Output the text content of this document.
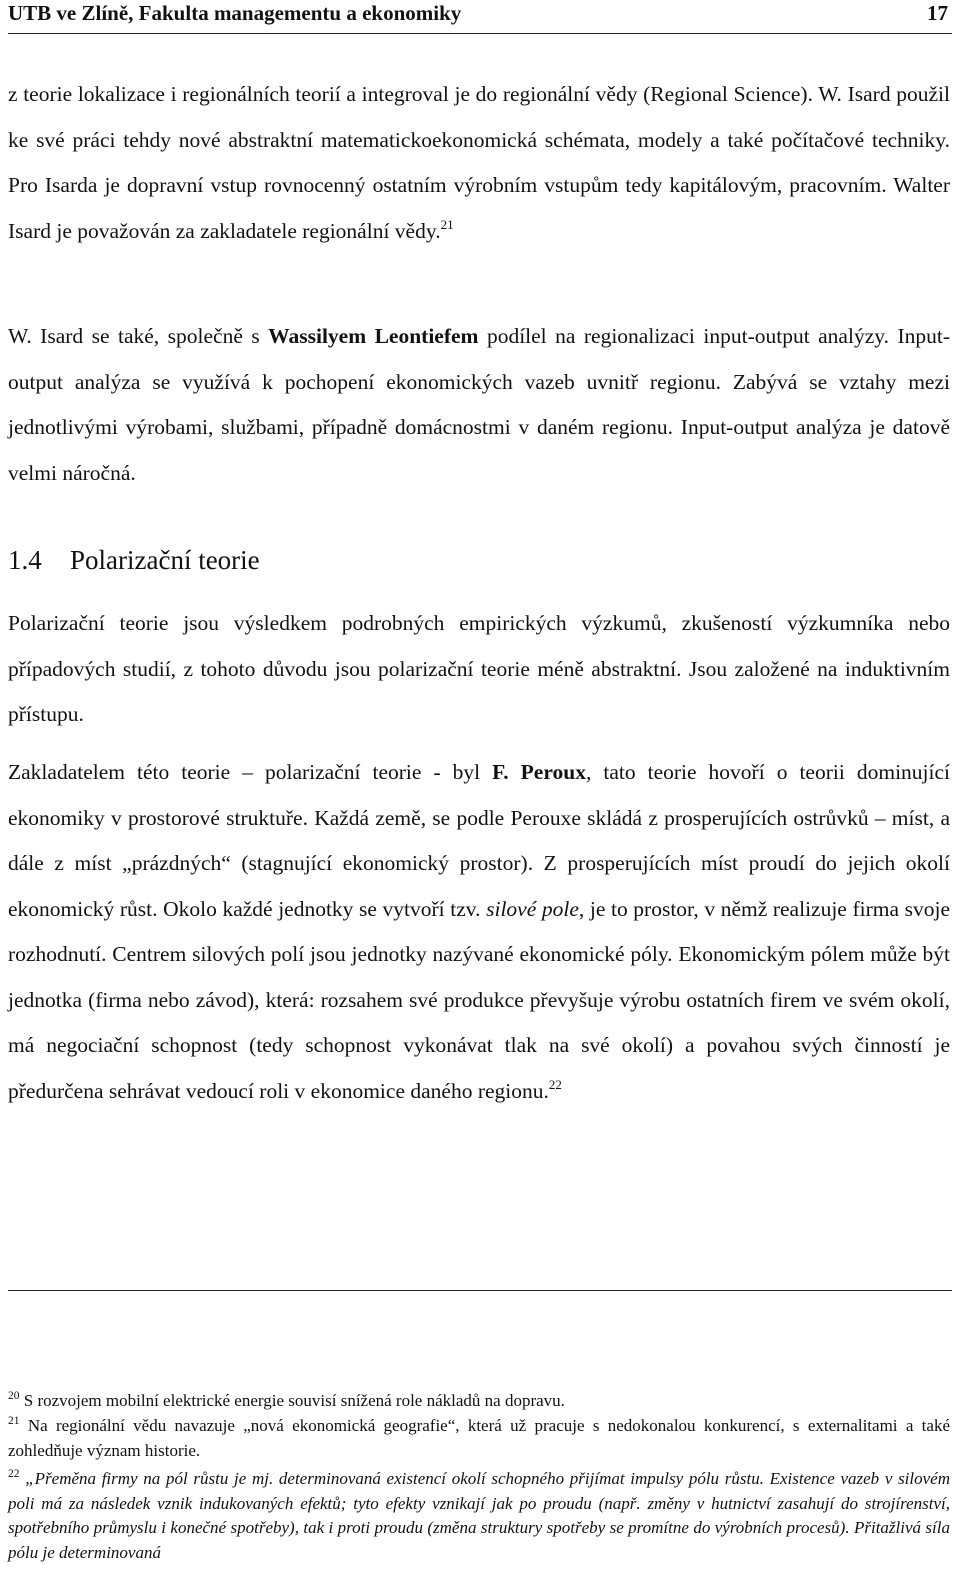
UTB ve Zlíně, Fakulta managementu a ekonomiky	17

z teorie lokalizace i regionálních teorií a integroval je do regionální vědy (Regional Science). W. Isard použil ke své práci tehdy nové abstraktní matematickoekonomická schémata, modely a také počítačové techniky. Pro Isarda je dopravní vstup rovnocenný ostatním výrobním vstupům tedy kapitálovým, pracovním. Walter Isard je považován za zakladatele regionální vědy.$^{21}$

W. Isard se také, společně s Wassilyem Leontiefem podílel na regionalizaci input-output analýzy. Input-output analýza se využívá k pochopení ekonomických vazeb uvnitř regionu. Zabývá se vztahy mezi jednotlivými výrobami, službami, případně domácnostmi v daném regionu. Input-output analýza je datově velmi náročná.

1.4 Polarizační teorie

Polarizační teorie jsou výsledkem podrobných empirických výzkumů, zkušeností výzkumníka nebo případových studií, z tohoto důvodu jsou polarizační teorie méně abstraktní. Jsou založené na induktivním přístupu.

Zakladatelem této teorie – polarizační teorie - byl F. Peroux, tato teorie hovoří o teorii dominující ekonomiky v prostorové struktuře. Každá země, se podle Perouxe skládá z prosperujících ostrůvků – míst, a dále z míst „prázdných“ (stagnující ekonomický prostor). Z prosperujících míst proudí do jejich okolí ekonomický růst. Okolo každé jednotky se vytvoří tzv. silové pole, je to prostor, v němž realizuje firma svoje rozhodnutí. Centrem silových polí jsou jednotky nazývané ekonomické póly. Ekonomickým pólem může být jednotka (firma nebo závod), která: rozsahem své produkce převyšuje výrobu ostatních firem ve svém okolí, má negociační schopnost (tedy schopnost vykonávat tlak na své okolí) a povahou svých činností je předurčena sehrávat vedoucí roli v ekonomice daného regionu.$^{22}$

$^{20}$ S rozvojem mobilní elektrické energie souvisí snížená role nákladů na dopravu.

$^{21}$ Na regionální vědu navazuje „nová ekonomická geografie“, která už pracuje s nedokonalou konkurencí, s externalitami a také zohledňuje význam historie.

$^{22}$ „Přeměna firmy na pól růstu je mj. determinovaná existencí okolí schopného přijímat impulsy pólu růstu. Existence vazeb v silovém poli má za následek vznik indukovaných efektů; tyto efekty vznikají jak po proudu (např. změny v hutnictví zasahují do strojírenství, spotřebního průmyslu i konečné spotřeby), tak i proti proudu (změna struktury spotřeby se promítne do výrobních procesů). Přitažlivá síla pólu je determinovaná
